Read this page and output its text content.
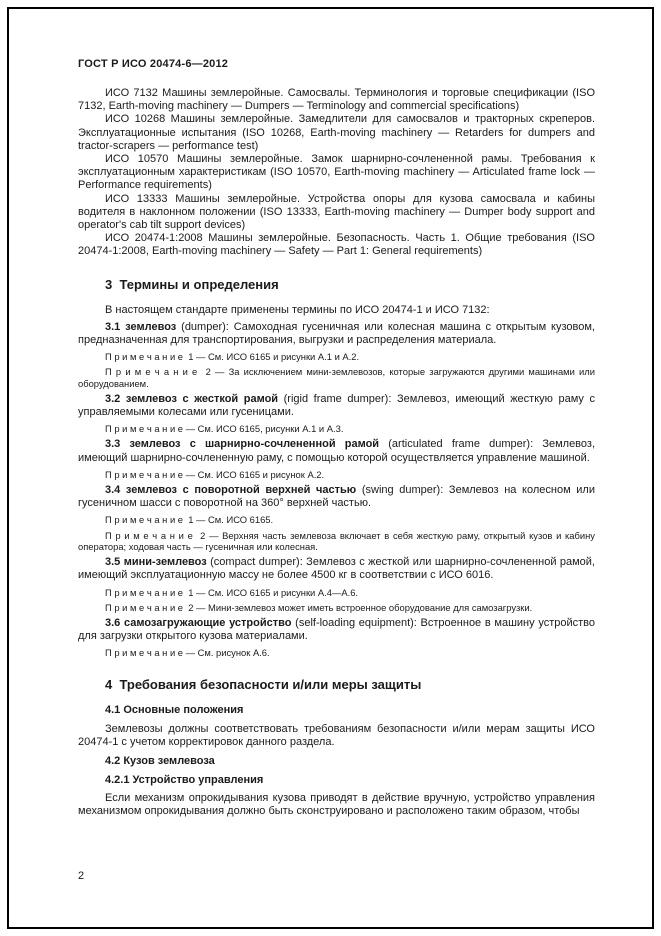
ГОСТ Р ИСО 20474-6—2012

ИСО 7132 Машины землеройные. Самосвалы. Терминология и торговые спецификации (ISO 7132, Earth-moving machinery — Dumpers — Terminology and commercial specifications)

ИСО 10268 Машины землеройные. Замедлители для самосвалов и тракторных скреперов. Эксплуатационные испытания (ISO 10268, Earth-moving machinery — Retarders for dumpers and tractor-scrapers — performance test)

ИСО 10570 Машины землеройные. Замок шарнирно-сочлененной рамы. Требования к эксплуатационным характеристикам (ISO 10570, Earth-moving machinery — Articulated frame lock — Performance requirements)

ИСО 13333 Машины землеройные. Устройства опоры для кузова самосвала и кабины водителя в наклонном положении (ISO 13333, Earth-moving machinery — Dumper body support and operator's cab tilt support devices)

ИСО 20474-1:2008 Машины землеройные. Безопасность. Часть 1. Общие требования (ISO 20474-1:2008, Earth-moving machinery — Safety — Part 1: General requirements)

3  Термины и определения

В настоящем стандарте применены термины по ИСО 20474-1 и ИСО 7132:

3.1 землевоз (dumper): Самоходная гусеничная или колесная машина с открытым кузовом, предназначенная для транспортирования, выгрузки и распределения материала.

П р и м е ч а н и е  1 — См. ИСО 6165 и рисунки А.1 и А.2.

П р и м е ч а н и е  2 — За исключением мини-землевозов, которые загружаются другими машинами или оборудованием.

3.2 землевоз с жесткой рамой (rigid frame dumper): Землевоз, имеющий жесткую раму с управляемыми колесами или гусеницами.

П р и м е ч а н и е — См. ИСО 6165, рисунки А.1 и А.3.

3.3 землевоз с шарнирно-сочлененной рамой (articulated frame dumper): Землевоз, имеющий шарнирно-сочлененную раму, с помощью которой осуществляется управление машиной.

П р и м е ч а н и е — См. ИСО 6165 и рисунок А.2.

3.4 землевоз с поворотной верхней частью (swing dumper): Землевоз на колесном или гусеничном шасси с поворотной на 360° верхней частью.

П р и м е ч а н и е  1 — См. ИСО 6165.

П р и м е ч а н и е  2 — Верхняя часть землевоза включает в себя жесткую раму, открытый кузов и кабину оператора; ходовая часть — гусеничная или колесная.

3.5 мини-землевоз (compact dumper): Землевоз с жесткой или шарнирно-сочлененной рамой, имеющий эксплуатационную массу не более 4500 кг в соответствии с ИСО 6016.

П р и м е ч а н и е  1 — См. ИСО 6165 и рисунки А.4—А.6.

П р и м е ч а н и е  2 — Мини-землевоз может иметь встроенное оборудование для самозагрузки.

3.6 самозагружающие устройство (self-loading equipment): Встроенное в машину устройство для загрузки открытого кузова материалами.

П р и м е ч а н и е — См. рисунок А.6.

4  Требования безопасности и/или меры защиты
4.1 Основные положения

Землевозы должны соответствовать требованиям безопасности и/или мерам защиты ИСО 20474-1 с учетом корректировок данного раздела.

4.2 Кузов землевоза
4.2.1 Устройство управления

Если механизм опрокидывания кузова приводят в действие вручную, устройство управления механизмом опрокидывания должно быть сконструировано и расположено таким образом, чтобы

2
